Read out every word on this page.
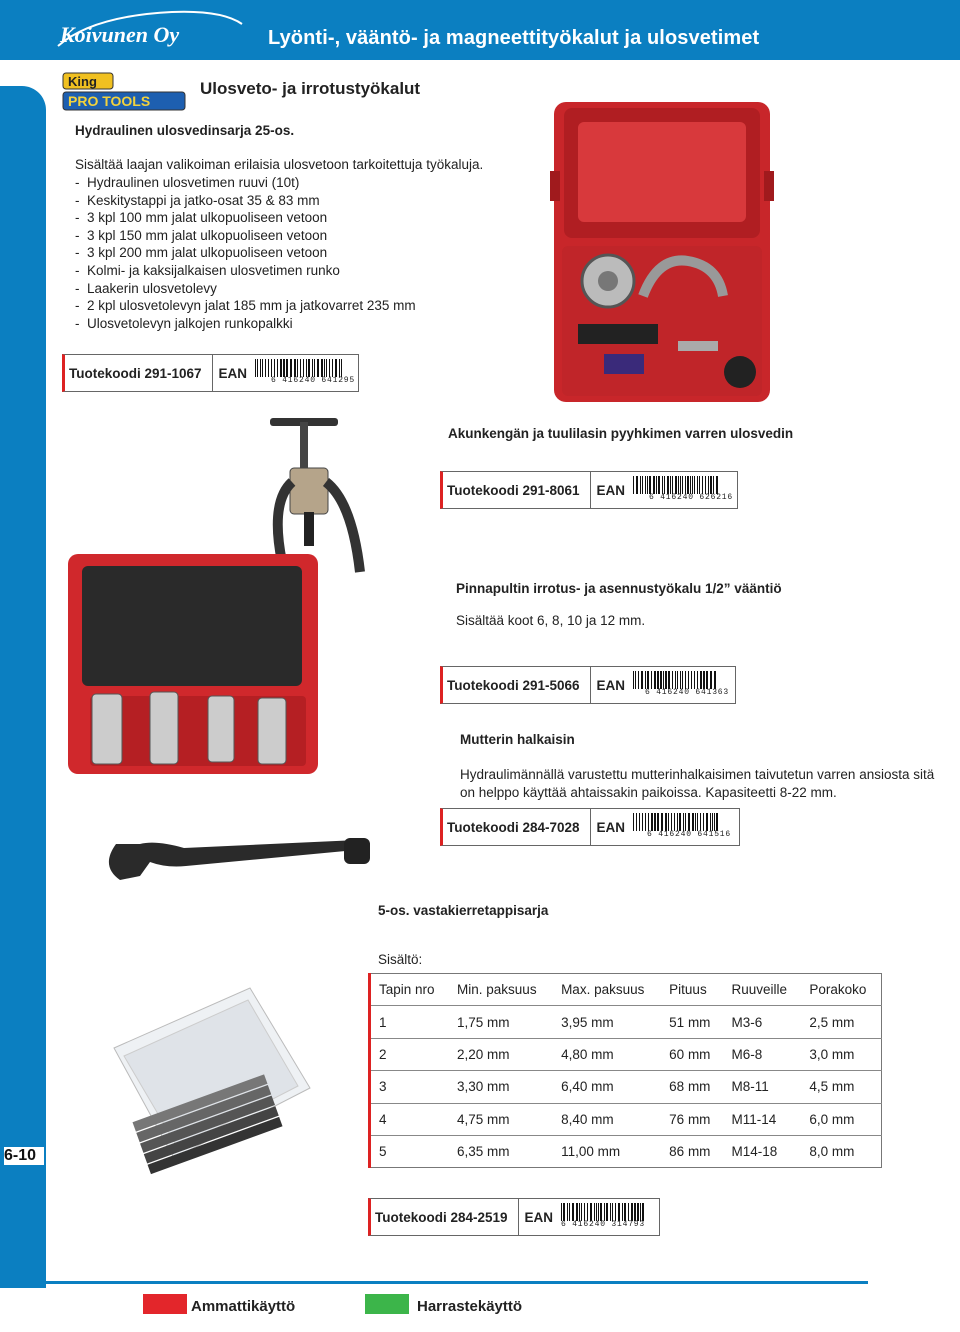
Koivunen Oy	Lyönti-, vääntö- ja magneettityökalut ja ulosvetimet
6-10
King
PRO TOOLS
Ulosveto- ja irrotustyökalut
Hydraulinen ulosvedinsarja 25-os.
Sisältää laajan valikoiman erilaisia ulosvetoon tarkoitettuja työkaluja.
- Hydraulinen ulosvetimen ruuvi (10t)
- Keskitystappi ja jatko-osat 35 & 83 mm
- 3 kpl 100 mm jalat ulkopuoliseen vetoon
- 3 kpl 150 mm jalat ulkopuoliseen vetoon
- 3 kpl 200 mm jalat ulkopuoliseen vetoon
- Kolmi- ja kaksijalkaisen ulosvetimen runko
- Laakerin ulosvetolevy
- 2 kpl ulosvetolevyn jalat 185 mm ja jatkovarret 235 mm
- Ulosvetolevyn jalkojen runkopalkki
Tuotekoodi 291-1067	EAN	6 416240 641295
Akunkengän ja tuulilasin pyyhkimen varren ulosvedin
Tuotekoodi 291-8061	EAN	6 416240 626216
Pinnapultin irrotus- ja asennustyökalu 1/2” vääntiö
Sisältää koot 6, 8, 10 ja 12 mm.
Tuotekoodi 291-5066	EAN	6 416240 641363
Mutterin halkaisin
Hydraulimännällä varustettu mutterinhalkaisimen taivutetun varren ansiosta sitä
on helppo käyttää ahtaissakin paikoissa. Kapasiteetti 8-22 mm.
Tuotekoodi 284-7028	EAN	6 416240 641516
5-os. vastakierretappisarja
Sisältö:
Tapin nro	Min. paksuus	Max. paksuus	Pituus	Ruuveille	Porakoko
1	1,75 mm	3,95 mm	51 mm	M3-6	2,5 mm
2	2,20 mm	4,80 mm	60 mm	M6-8	3,0 mm
3	3,30 mm	6,40 mm	68 mm	M8-11	4,5 mm
4	4,75 mm	8,40 mm	76 mm	M11-14	6,0 mm
5	6,35 mm	11,00 mm	86 mm	M14-18	8,0 mm
Tuotekoodi 284-2519	EAN 6 416240 314793
Ammattikäyttö	Harrastekäyttö
